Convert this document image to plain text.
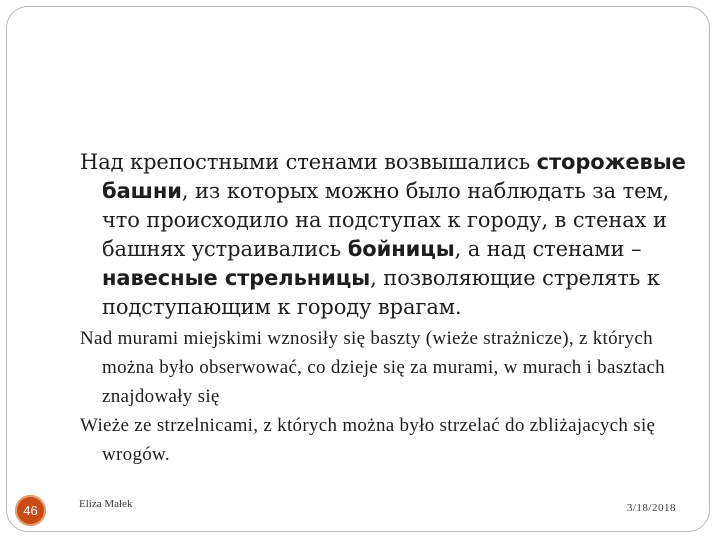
Над крепостными стенами возвышались сторожевые башни, из которых можно было наблюдать за тем, что происходило на подступах к городу, в стенах и башнях устраивались бойницы, а над стенами – навесные стрельницы, позволяющие стрелять к подступающим к городу врагам.

Nad murami miejskimi wznosiły się baszty (wieże strażnicze), z których można było obserwować, co dzieje się za murami, w murach i basztach znajdowały się

Wieże ze strzelnicami, z których można było strzelać do zbliżajacych się wrogów.

46	Eliza Małek	3/18/2018
